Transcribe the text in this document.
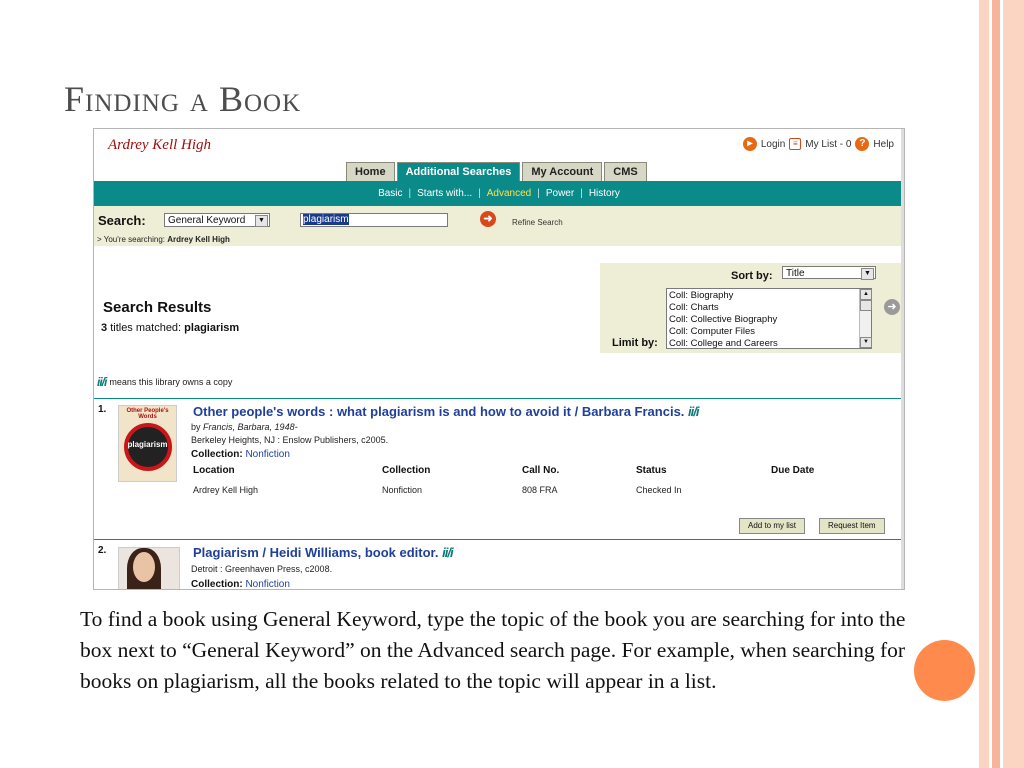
Finding a Book
Ardrey Kell High	▸ Login ≡ My List - 0 ? Help
Home	Additional Searches	My Account	CMS
Basic | Starts with... | Advanced | Power | History
Search:	General Keyword	▼	plagiarism	➜	Refine Search
> You're searching: Ardrey Kell High
Sort by:	Title	▼
Limit by:
Coll: Biography
Coll: Charts
Coll: Collective Biography
Coll: Computer Files
Coll: College and Careers
▲
▼
➜
Search Results
3 titles matched: plagiarism
ii/i means this library owns a copy
1.	Other People's Words
plagiarism
Other people's words : what plagiarism is and how to avoid it / Barbara Francis. ii/i
by Francis, Barbara, 1948-
Berkeley Heights, NJ : Enslow Publishers, c2005.
Collection: Nonfiction
Location	Collection	Call No.	Status	Due Date
Ardrey Kell High	Nonfiction	808 FRA	Checked In
Add to my list	Request Item
2.	Plagiarism / Heidi Williams, book editor. ii/i
Detroit : Greenhaven Press, c2008.
Collection: Nonfiction
To find a book using General Keyword, type the topic of the book you are searching for into the box next to “General Keyword” on the Advanced search page. For example, when searching for books on plagiarism, all the books related to the topic will appear in a list.
